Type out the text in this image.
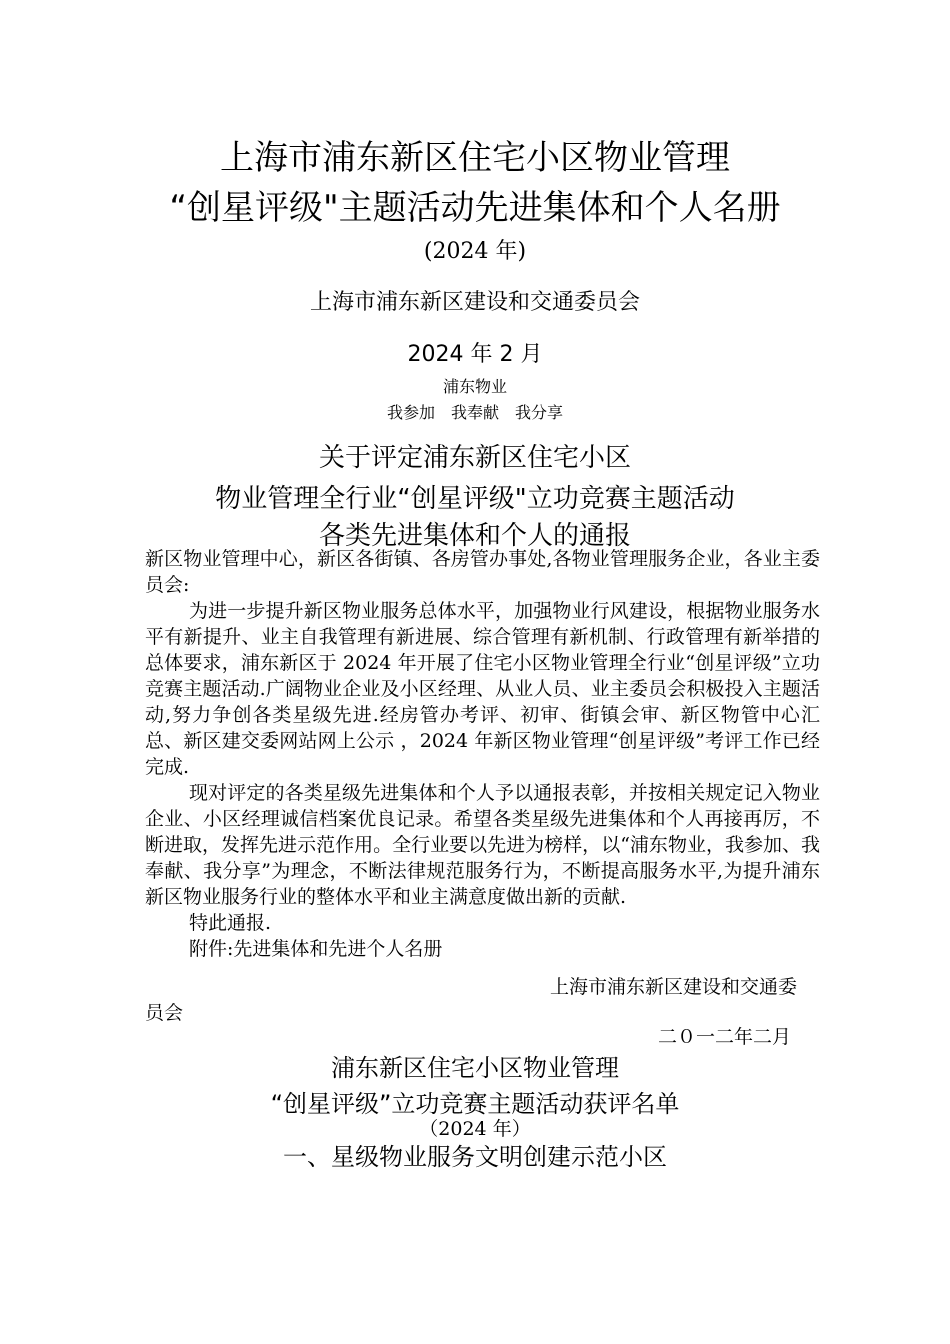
上海市浦东新区住宅小区物业管理
“创星评级"主题活动先进集体和个人名册
(2024 年)
上海市浦东新区建设和交通委员会
2024 年 2 月
浦东物业
我参加　我奉献　我分享
关于评定浦东新区住宅小区
物业管理全行业“创星评级"立功竞赛主题活动
各类先进集体和个人的通报

新区物业管理中心，新区各街镇、各房管办事处,各物业管理服务企业，各业主委员会:

为进一步提升新区物业服务总体水平，加强物业行风建设，根据物业服务水平有新提升、业主自我管理有新进展、综合管理有新机制、行政管理有新举措的总体要求，浦东新区于 2024 年开展了住宅小区物业管理全行业“创星评级”立功竞赛主题活动.广阔物业企业及小区经理、从业人员、业主委员会积极投入主题活动,努力争创各类星级先进.经房管办考评、初审、街镇会审、新区物管中心汇总、新区建交委网站网上公示 ，2024 年新区物业管理“创星评级”考评工作已经完成.

现对评定的各类星级先进集体和个人予以通报表彰，并按相关规定记入物业企业、小区经理诚信档案优良记录。希望各类星级先进集体和个人再接再厉，不断进取，发挥先进示范作用。全行业要以先进为榜样，以“浦东物业，我参加、我奉献、我分享”为理念，不断法律规范服务行为，不断提高服务水平,为提升浦东新区物业服务行业的整体水平和业主满意度做出新的贡献.

特此通报.

附件:先进集体和先进个人名册

上海市浦东新区建设和交通委
员会
二０一二年二月
浦东新区住宅小区物业管理
“创星评级”立功竞赛主题活动获评名单
（2024 年）
一、星级物业服务文明创建示范小区
